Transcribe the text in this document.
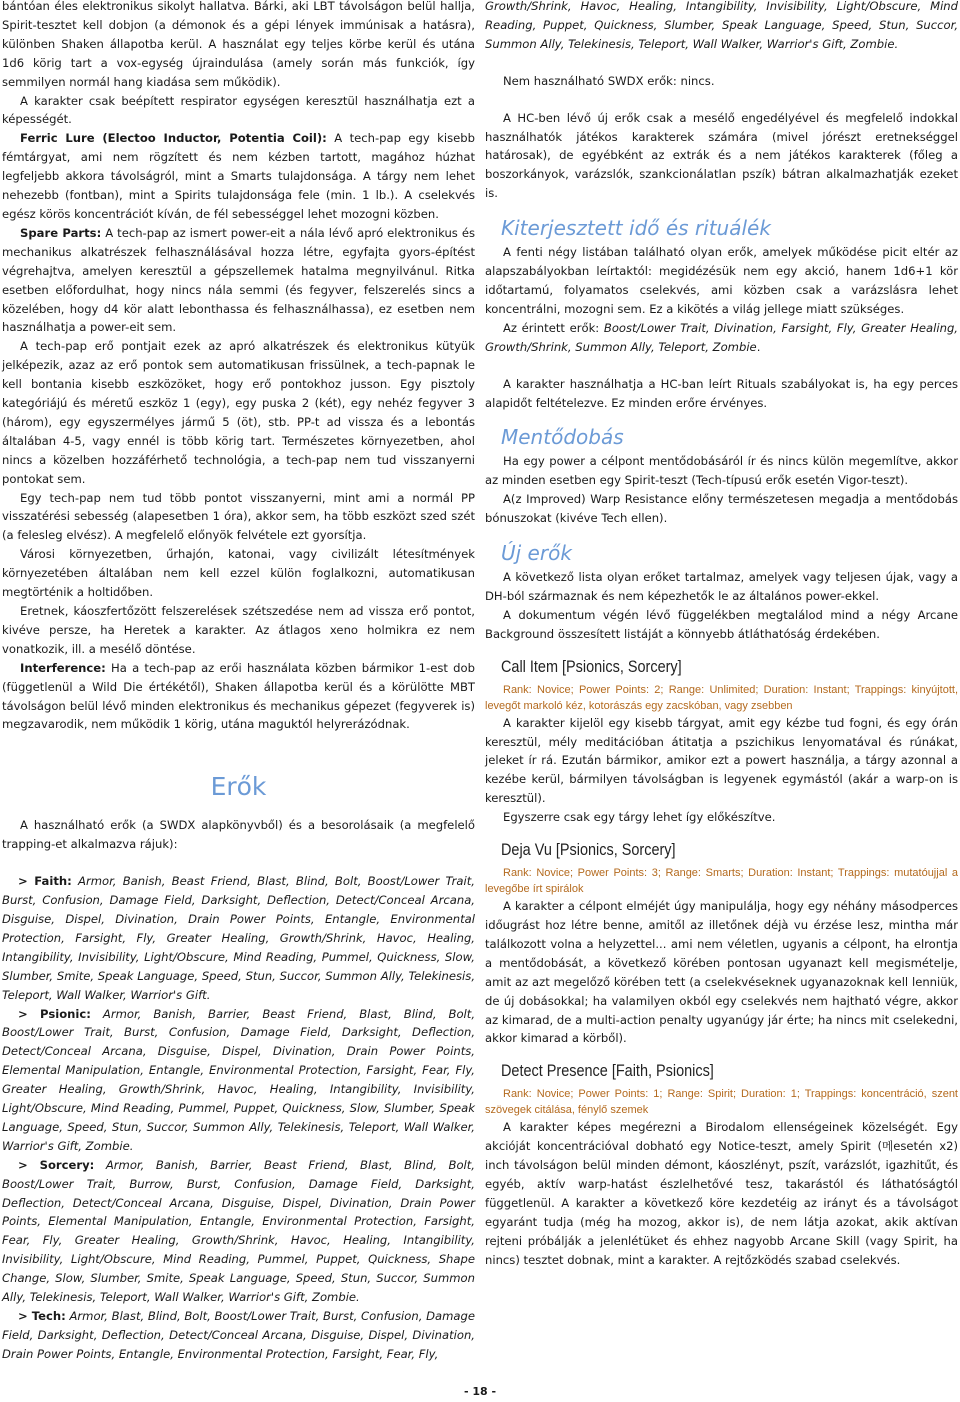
bántóan éles elektronikus sikolyt hallatva. Bárki, aki LBT távolságon belül hallja, Spirit-tesztet kell dobjon (a démonok és a gépi lények immúnisak a hatásra), különben Shaken állapotba kerül. A használat egy teljes körbe kerül és utána 1d6 körig tart a vox-egység újraindulása (amely során más funkciók, így semmilyen normál hang kiadása sem működik).

A karakter csak beépített respirator egységen keresztül használhatja ezt a képességét.

Ferric Lure (Electoo Inductor, Potentia Coil): A tech-pap egy kisebb fémtárgyat, ami nem rögzített és nem kézben tartott, magához húzhat legfeljebb akkora távolságról, mint a Smarts tulajdonsága. A tárgy nem lehet nehezebb (fontban), mint a Spirits tulajdonsága fele (min. 1 lb.). A cselekvés egész körös koncentrációt kíván, de fél sebességgel lehet mozogni közben.

Spare Parts: A tech-pap az ismert power-eit a nála lévő apró elektronikus és mechanikus alkatrészek felhasználásával hozza létre, egyfajta gyors-építést végrehajtva, amelyen keresztül a gépszellemek hatalma megnyilvánul. Ritka esetben előfordulhat, hogy nincs nála semmi (és fegyver, felszerelés sincs a közelében, hogy d4 kör alatt lebonthassa és felhasználhassa), ez esetben nem használhatja a power-eit sem.

A tech-pap erő pontjait ezek az apró alkatrészek és elektronikus kütyük jelképezik, azaz az erő pontok sem automatikusan frissülnek, a tech-papnak le kell bontania kisebb eszközöket, hogy erő pontokhoz jusson. Egy pisztoly kategóriájú és méretű eszköz 1 (egy), egy puska 2 (két), egy nehéz fegyver 3 (három), egy egyszermélyes jármű 5 (öt), stb. PP-t ad vissza és a lebontás általában 4-5, vagy ennél is több körig tart. Természetes környezetben, ahol nincs a közelben hozzáférhető technológia, a tech-pap nem tud visszanyerni pontokat sem.

Egy tech-pap nem tud több pontot visszanyerni, mint ami a normál PP visszatérési sebesség (alapesetben 1 óra), akkor sem, ha több eszközt szed szét (a felesleg elvész). A megfelelő előnyök felvétele ezt gyorsítja.

Városi környezetben, űrhajón, katonai, vagy civilizált létesítmények környezetében általában nem kell ezzel külön foglalkozni, automatikusan megtörténik a holtidőben.

Eretnek, káoszfertőzött felszerelések szétszedése nem ad vissza erő pontot, kivéve persze, ha Heretek a karakter. Az átlagos xeno holmikra ez nem vonatkozik, ill. a mesélő döntése.

Interference: Ha a tech-pap az erői használata közben bármikor 1-est dob (függetlenül a Wild Die értékétől), Shaken állapotba kerül és a körülötte MBT távolságon belül lévő minden elektronikus és mechanikus gépezet (fegyverek is) megzavarodik, nem működik 1 körig, utána maguktól helyrerázódnak.

Erők

A használható erők (a SWDX alapkönyvből) és a besorolásaik (a megfelelő trapping-et alkalmazva rájuk):

> Faith: Armor, Banish, Beast Friend, Blast, Blind, Bolt, Boost/Lower Trait, Burst, Confusion, Damage Field, Darksight, Deflection, Detect/Conceal Arcana, Disguise, Dispel, Divination, Drain Power Points, Entangle, Environmental Protection, Farsight, Fly, Greater Healing, Growth/Shrink, Havoc, Healing, Intangibility, Invisibility, Light/Obscure, Mind Reading, Pummel, Quickness, Slow, Slumber, Smite, Speak Language, Speed, Stun, Succor, Summon Ally, Telekinesis, Teleport, Wall Walker, Warrior's Gift.

> Psionic: Armor, Banish, Barrier, Beast Friend, Blast, Blind, Bolt, Boost/Lower Trait, Burst, Confusion, Damage Field, Darksight, Deflection, Detect/Conceal Arcana, Disguise, Dispel, Divination, Drain Power Points, Elemental Manipulation, Entangle, Environmental Protection, Farsight, Fear, Fly, Greater Healing, Growth/Shrink, Havoc, Healing, Intangibility, Invisibility, Light/Obscure, Mind Reading, Pummel, Puppet, Quickness, Slow, Slumber, Speak Language, Speed, Stun, Succor, Summon Ally, Telekinesis, Teleport, Wall Walker, Warrior's Gift, Zombie.

> Sorcery: Armor, Banish, Barrier, Beast Friend, Blast, Blind, Bolt, Boost/Lower Trait, Burrow, Burst, Confusion, Damage Field, Darksight, Deflection, Detect/Conceal Arcana, Disguise, Dispel, Divination, Drain Power Points, Elemental Manipulation, Entangle, Environmental Protection, Farsight, Fear, Fly, Greater Healing, Growth/Shrink, Havoc, Healing, Intangibility, Invisibility, Light/Obscure, Mind Reading, Pummel, Puppet, Quickness, Shape Change, Slow, Slumber, Smite, Speak Language, Speed, Stun, Succor, Summon Ally, Telekinesis, Teleport, Wall Walker, Warrior's Gift, Zombie.

> Tech: Armor, Blast, Blind, Bolt, Boost/Lower Trait, Burst, Confusion, Damage Field, Darksight, Deflection, Detect/Conceal Arcana, Disguise, Dispel, Divination, Drain Power Points, Entangle, Environmental Protection, Farsight, Fear, Fly,

Growth/Shrink, Havoc, Healing, Intangibility, Invisibility, Light/Obscure, Mind Reading, Puppet, Quickness, Slumber, Speak Language, Speed, Stun, Succor, Summon Ally, Telekinesis, Teleport, Wall Walker, Warrior's Gift, Zombie.

Nem használható SWDX erők: nincs.

A HC-ben lévő új erők csak a mesélő engedélyével és megfelelő indokkal használhatók játékos karakterek számára (mivel jórészt eretnekséggel határosak), de egyébként az extrák és a nem játékos karakterek (főleg a boszorkányok, varázslók, szankcionálatlan pszík) bátran alkalmazhatják ezeket is.

Kiterjesztett idő és rituálék

A fenti négy listában található olyan erők, amelyek működése picit eltér az alapszabályokban leírtaktól: megidézésük nem egy akció, hanem 1d6+1 kör időtartamú, folyamatos cselekvés, ami közben csak a varázslásra lehet koncentrálni, mozogni sem. Ez a kikötés a világ jellege miatt szükséges.

Az érintett erők: Boost/Lower Trait, Divination, Farsight, Fly, Greater Healing, Growth/Shrink, Summon Ally, Teleport, Zombie.

A karakter használhatja a HC-ban leírt Rituals szabályokat is, ha egy perces alapidőt feltételezve. Ez minden erőre érvényes.

Mentődobás

Ha egy power a célpont mentődobásáról ír és nincs külön megemlítve, akkor az minden esetben egy Spirit-teszt (Tech-típusú erők esetén Vigor-teszt).

A(z Improved) Warp Resistance előny természetesen megadja a mentődobás bónuszokat (kivéve Tech ellen).

Új erők

A következő lista olyan erőket tartalmaz, amelyek vagy teljesen újak, vagy a DH-ból származnak és nem képezhetők le az általános power-ekkel.

A dokumentum végén lévő függelékben megtalálod mind a négy Arcane Background összesített listáját a könnyebb átláthatóság érdekében.

Call Item [Psionics, Sorcery]
Rank: Novice; Power Points: 2; Range: Unlimited; Duration: Instant; Trappings: kinyújtott, levegőt markoló kéz, kotorászás egy zacskóban, vagy zsebben

A karakter kijelöl egy kisebb tárgyat, amit egy kézbe tud fogni, és egy órán keresztül, mély meditációban átitatja a pszichikus lenyomatával és rúnákat, jeleket ír rá. Ezután bármikor, amikor ezt a powert használja, a tárgy azonnal a kezébe kerül, bármilyen távolságban is legyenek egymástól (akár a warp-on is keresztül).

Egyszerre csak egy tárgy lehet így előkészítve.

Deja Vu [Psionics, Sorcery]
Rank: Novice; Power Points: 3; Range: Smarts; Duration: Instant; Trappings: mutatóujjal a levegőbe írt spirálok

A karakter a célpont elméjét úgy manipulálja, hogy egy néhány másodperces időugrást hoz létre benne, amitől az illetőnek déjà vu érzése lesz, mintha már találkozott volna a helyzettel... ami nem véletlen, ugyanis a célpont, ha elrontja a mentődobását, a következő körében pontosan ugyanazt kell megismételje, amit az azt megelőző körében tett (a cselekvéseknek ugyanazoknak kell lenniük, de új dobásokkal; ha valamilyen okból egy cselekvés nem hajtható végre, akkor az kimarad, de a multi-action penalty ugyanúgy jár érte; ha nincs mit cselekedni, akkor kimarad a körből).

Detect Presence [Faith, Psionics]
Rank: Novice; Power Points: 1; Range: Spirit; Duration: 1; Trappings: koncentráció, szent szövegek citálása, fénylő szemek

A karakter képes megérezni a Birodalom ellenségeinek közelségét. Egy akcióját koncentrációval dobható egy Notice-teszt, amely Spirit (메esetén x2) inch távolságon belül minden démont, káoszlényt, pszít, varázslót, igazhitűt, és egyéb, aktív warp-hatást észlelhetővé tesz, takarástól és láthatóságtól függetlenül. A karakter a következő köre kezdetéig az irányt és a távolságot egyaránt tudja (még ha mozog, akkor is), de nem látja azokat, akik aktívan rejteni próbálják a jelenlétüket és ehhez nagyobb Arcane Skill (vagy Spirit, ha nincs) tesztet dobnak, mint a karakter. A rejtőzködés szabad cselekvés.

- 18 -
